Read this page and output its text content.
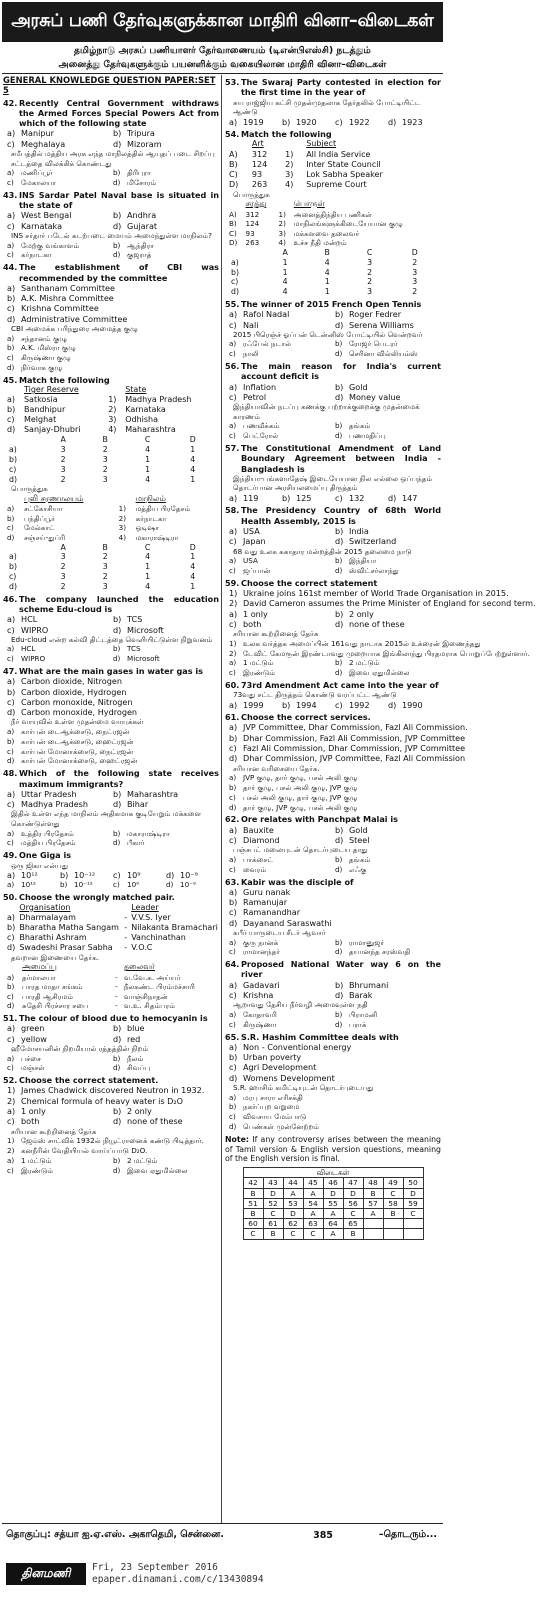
அரசுப் பணி தேர்வுகளுக்கான மாதிரி வினா–விடைகள்
தமிழ்நாடு அரசுப் பணியாளர் தேர்வாணையம் (டிஎன்பிஎஸ்சி) நடத்தும்
அனைத்து தேர்வுகளுக்கும் பயனளிக்கும் வகையிலான மாதிரி வினா–விடைகள்
GENERAL KNOWLEDGE QUESTION PAPER:SET 5
42. Recently Central Government withdraws the Armed Forces Special Powers Act from which of the following state
a) Manipur	b) Tripura
c) Meghalaya	d) Mizoram
சமீபத்தில் மத்திய அரசு எந்த மாநிலத்தில் ஆயுதப் படை சிறப்பு சட்டத்தை விலக்கிக் கொண்டது
a) மணிப்பூர்	b) திரிபுரா
c) மேகாலயா	d) மிசோரம்
43. INS Sardar Patel Naval base is situated in the state of
a) West Bengal	b) Andhra
c) Karnataka	d) Gujarat
INS சர்தார் படேல் கடற்படை மையம் அமைந்துள்ள மாநிலம்?
a) மேற்கு வங்காளம்	b) ஆந்திரா
c) கர்நாடகா	d) குஜராத்
44. The establishment of CBI was recommended by the committee
a) Santhanam Committee
b) A.K. Mishra Committee
c) Krishna Committee
d) Administrative Committee
CBI அமைக்க பரிந்துரை அமைத்த குழு
a) சந்தானம் குழு
b) A.K. மிஸ்ரா குழு
c) கிருஷ்ணா குழு
d) நிர்வாக குழு
45. Match the following
	Tiger Reserve		State
a)	Satkosia	1)	Madhya Pradesh
b)	Bandhipur	2)	Karnataka
c)	Melghat	3)	Odhisha
d)	Sanjay-Dhubri	4)	Maharashtra
	A	B	C	D
a)	3	2	4	1
b)	2	3	1	4
c)	3	2	1	4
d)	2	3	4	1
பொருத்துக
	புலி சரணாலயம்		மாநிலம்
a)	சட்கோசியா	1)	மத்திய பிரதேசம்
b)	பந்திப்பூர்	2)	கர்நாடகா
c)	மேல்காட்	3)	ஒடிஷா
d)	சஞ்சய்-துப்ரி	4)	மகாராஷ்டிரா
	A	B	C	D
a)	3	2	4	1
b)	2	3	1	4
c)	3	2	1	4
d)	2	3	4	1
46. The company launched the education scheme Edu-cloud is
a) HCL	b) TCS
c) WIPRO	d) Microsoft
Edu-cloud என்ற கல்வி திட்டத்தை வெளியிட்டுள்ள நிறுவனம்
a) HCL	b) TCS
c) WIPRO	d) Microsoft
47. What are the main gases in water gas is
a) Carbon dioxide, Nitrogen
b) Carbon dioxide, Hydrogen
c) Carbon monoxide, Nitrogen
d) Carbon monoxide, Hydrogen
நீர் வாயுவில் உள்ள முதன்மை வாயுக்கள்
a) கார்பன் டைஆக்சைடு, நைட்ரஜன்
b) கார்பன் டைஆக்சைடு, ஹைட்ரஜன்
c) கார்பன் மோனாக்சைடு, நைட்ரஜன்
d) கார்பன் மோனாக்சைடு, ஹைட்ரஜன்
48. Which of the following state receives maximum immigrants?
a) Uttar Pradesh	b) Maharashtra
c) Madhya Pradesh	d) Bihar
இதில் உள்ள எந்த மாநிலம் அதிகமாக குடியேறும் மக்களை கொண்டுள்ளது
a) உத்திர பிரதேசம்	b) மகாராஷ்டிரா
c) மத்திய பிரதேசம்	d) பீகார்
49. One Giga is
ஒரு ஜிகா என்பது
a) 10¹²	b) 10⁻¹²	c) 10⁹	d) 10⁻⁹
a) 10¹²	b) 10⁻¹²	c) 10⁹	d) 10⁻⁹
50. Choose the wrongly matched pair.
	Organisation		Leader
a)	Dharmalayam	-	V.V.S. Iyer
b)	Bharatha Matha Sangam	-	Nilakanta Bramachari
c)	Bharathi Ashram	-	Vanchinathan
d)	Swadeshi Prasar Sabha	-	V.O.C
தவறான இணையை தேர்க.
	அமைப்பு		தலைவர்
a)	தர்மாலயா	-	வ.வே.சு. அய்யர்
b)	பாரத மாதா சங்கம்	-	நீலகண்ட பிரம்மச்சாரி
c)	பாரதி ஆசிரமம்	-	வாஞ்சிநாதன்
d)	சுதேசி பிரச்சார சபை	-	வ.உ. சிதம்பரம்
51. The colour of blood due to hemocyanin is
a) green	b) blue
c) yellow	d) red
ஹீமோசயனின் நிறமியால் ரத்தத்தின் நிறம்
a) பச்சை	b) நீலம்
c) மஞ்சள்	d) சிவப்பு
52. Choose the correct statement.
1) James Chadwick discovered Neutron in 1932.
2) Chemical formula of heavy water is D₂O
a) 1 only	b) 2 only
c) both	d) none of these
சரியான கூற்றினைத் தேர்க
1) ஜேம்ஸ் சாட்விக் 1932ல் நியூட்ரானைக் கண்டு பிடித்தார்.
2) கனநீரின் வேதியியல் வாய்ப்பாடு D₂O.
a) 1 மட்டும்	b) 2 மட்டும்
c) இரண்டும்	d) இவை ஏதுமில்லை
53. The Swaraj Party contested in election for the first time in the year of
சுய ராஜ்ஜிய கட்சி முதன்முதலாக தேர்தலில் போட்டியிட்ட ஆண்டு
a) 1919	b) 1920	c) 1922	d) 1923
54. Match the following
	Art		Subject
A)	312	1)	All India Service
B)	124	2)	Inter State Council
C)	93	3)	Lok Sabha Speaker
D)	263	4)	Supreme Court
பொருத்துக
	சரத்து		பொருள்
A)	312	1)	அனைத்திந்திய பணிகள்
B)	124	2)	மாநிலங்களுக்கிடையேயான குழு
C)	93	3)	மக்களவை தலைவர்
D)	263	4)	உச்ச நீதி மன்றம்
	A	B	C	D
a)	1	4	3	2
b)	1	4	2	3
c)	4	1	2	3
d)	4	1	3	2
55. The winner of 2015 French Open Tennis
a) Rafol Nadal	b) Roger Fedrer
c) Nali	d) Serena Williams
2015 பிரெஞ்ச் ஓப்பன் டென்னிஸ் போட்டியில் வென்றவர்
a) ரஃபேல் நடால்	b) ரோஜர் பெடரர்
c) நாலி	d) செரினா வில்லியம்ஸ்
56. The main reason for India's current account deficit is
a) Inflation	b) Gold
c) Petrol	d) Money value
இந்தியாவின் நடப்பு கணக்கு பற்றாக்குறைக்கு முதன்மைக் காரணம்
a) பணவீக்கம்	b) தங்கம்
c) பெட்ரோல்	d) பணமதிப்பு
57. The Constitutional Amendment of Land Boundary Agreement between India - Bangladesh is
இந்தியா-பங்களாதேஷ் இடையேயான நில எல்லை ஒப்பந்தம் தொடர்பான அரசியலமைப்பு திருத்தம்
a) 119	b) 125	c) 132	d) 147
58. The Presidency Country of 68th World Health Assembly, 2015 is
a) USA	b) India
c) Japan	d) Switzerland
68 வது உலக சுகாதார மன்றத்தின் 2015 தலைமை நாடு
a) USA	b) இந்தியா
c) ஜப்பான்	d) ஸ்விட்சர்லாந்து
59. Choose the correct statement
1) Ukraine joins 161st member of World Trade Organisation in 2015.
2) David Cameron assumes the Prime Minister of England for second term.
a) 1 only	b) 2 only
c) both	d) none of these
சரியான கூற்றினைத் தேர்க
1) உலக வர்த்தக அமைப்பின் 161வது நாடாக 2015ல் உக்ரைன் இணைந்தது
2) டேவிட் கேமரூன் இரண்டாவது முறையாக இங்கிலாந்து பிரதமராக பொறுப்பேற்றுள்ளார்.
a) 1 மட்டும்	b) 2 மட்டும்
c) இரண்டும்	d) இவை ஏதுமில்லை
60. 73rd Amendment Act came into the year of
73வது சட்ட திருத்தம் கொண்டு வரப்பட்ட ஆண்டு
a) 1999	b) 1994	c) 1992	d) 1990
61. Choose the correct services.
a) JVP Committee, Dhar Commission, Fazl Ali Commission.
b) Dhar Commission, Fazl Ali Commission, JVP Committee
c) Fazl Ali Commission, Dhar Commission, JVP Committee
d) Dhar Commission, JVP Committee, Fazl Ali Commission
சரியான வரிசையை தேர்க.
a) JVP குழு, தார் குழு, பசல் அலி குழு
b) தார் குழு, பசல் அலி குழு, JVP குழு
c) பசல் அலி குழு, தார் குழு, JVP குழு
d) தார் குழு, JVP குழு, பசல் அலி குழு
62. Ore relates with Panchpat Malai is
a) Bauxite	b) Gold
c) Diamond	d) Steel
பஞ்சபட் மலையுடன் தொடர்புடைய தாது
a) பாக்சைட்	b) தங்கம்
c) வைரம்	d) எஃகு
63. Kabir was the disciple of
a) Guru nanak
b) Ramanujar
c) Ramanandhar
d) Dayanand Saraswathi
கபீர் யாருடைய சீடர் ஆவார்
a) குரு நானக்	b) ராமானுஜர்
c) ராமானந்தர்	d) தயானந்த சரஸ்வதி
64. Proposed National Water way 6 on the river
a) Gadavari	b) Bhrumani
c) Krishna	d) Barak
ஆறாவது தேசிய நீர்வழி அமைவுள்ள நதி
a) கோதாவரி	b) பிராமனி
c) கிருஷ்ணா	d) பராக்
65. S.R. Hashim Committee deals with
a) Non - Conventional energy
b) Urban poverty
c) Agri Development
d) Womens Development
S.R. ஹாசிம் கமிட்டியுடன் தொடர்புடையது
a) மரபு சாரா எரிசக்தி
b) நகர்ப்புற வறுமை
c) விவசாய மேம்பாடு
d) பெண்கள் முன்னேற்றம்
Note: If any controversy arises between the meaning of Tamil version & English version questions, meaning of the English version is final.
விடைகள்								
42	43	44	45	46	47	48	49	50
B	D	A	A	D	D	B	C	D
51	52	53	54	55	56	57	58	59
B	C	D	A	A	C	A	B	C
60	61	62	63	64	65			
C	B	C	C	A	B			
தொகுப்பு: சத்யா ஐ.ஏ.எஸ். அகாதெமி, சென்னை.	385	–தொடரும்...
தினமணி	Fri, 23 September 2016
epaper.dinamani.com/c/13430894
